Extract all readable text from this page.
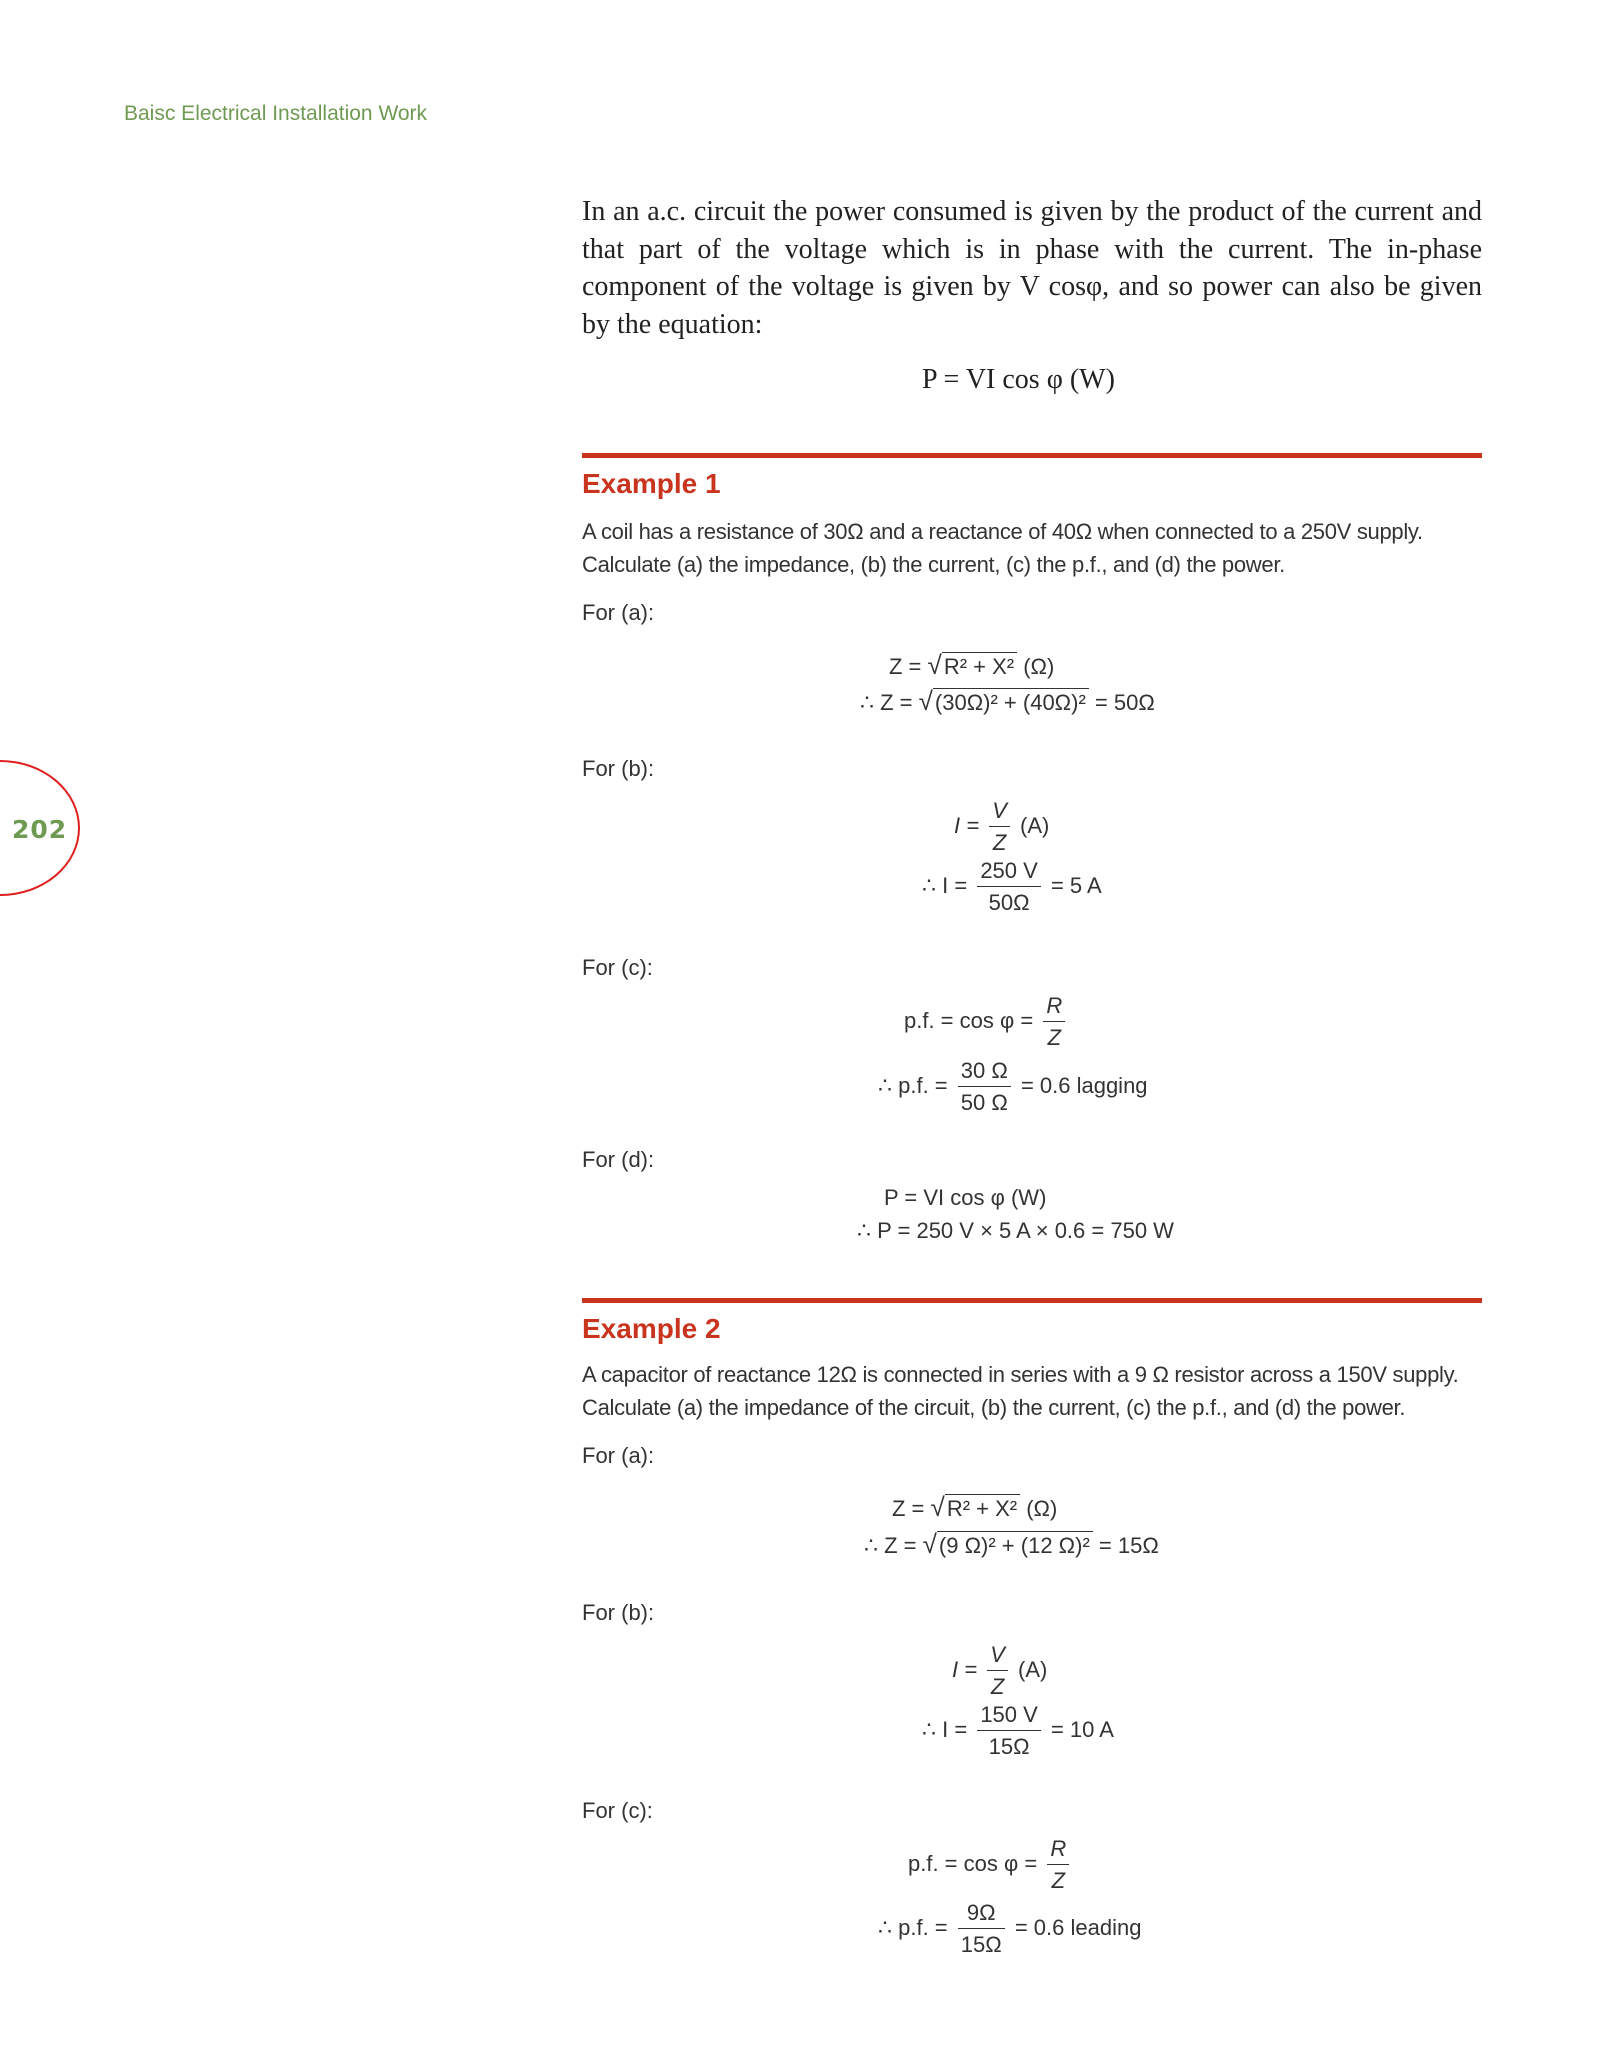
Baisc Electrical Installation Work
202
In an a.c. circuit the power consumed is given by the product of the current and that part of the voltage which is in phase with the current. The in-phase component of the voltage is given by V cosφ, and so power can also be given by the equation:
P = VI cos φ (W)
Example 1
A coil has a resistance of 30Ω and a reactance of 40Ω when connected to a 250V supply.
Calculate (a) the impedance, (b) the current, (c) the p.f., and (d) the power.
For (a):
Z = √R² + X² (Ω)
∴ Z = √(30Ω)² + (40Ω)² = 50Ω
For (b):
$I = \frac{V}{Z} (A)$
∴ $I = \frac{250 V}{50\Omega} = 5$ A
For (c):
p.f. = $\cos \varphi = \frac{R}{Z}$
∴ p.f. = $\frac{30 \Omega}{50 \Omega} = 0.6$ lagging
For (d):
P = VI cos φ (W)
∴ P = 250 V × 5 A × 0.6 = 750 W
Example 2
A capacitor of reactance 12Ω is connected in series with a 9 Ω resistor across a 150V supply.
Calculate (a) the impedance of the circuit, (b) the current, (c) the p.f., and (d) the power.
For (a):
Z = √R² + X² (Ω)
∴ Z = √(9 Ω)² + (12 Ω)² = 15Ω
For (b):
$I = \frac{V}{Z} (A)$
∴ $I = \frac{150 V}{15\Omega} = 10$ A
For (c):
p.f. = $\cos \varphi = \frac{R}{Z}$
∴ p.f. = $\frac{9\Omega}{15\Omega} = 0.6$ leading
